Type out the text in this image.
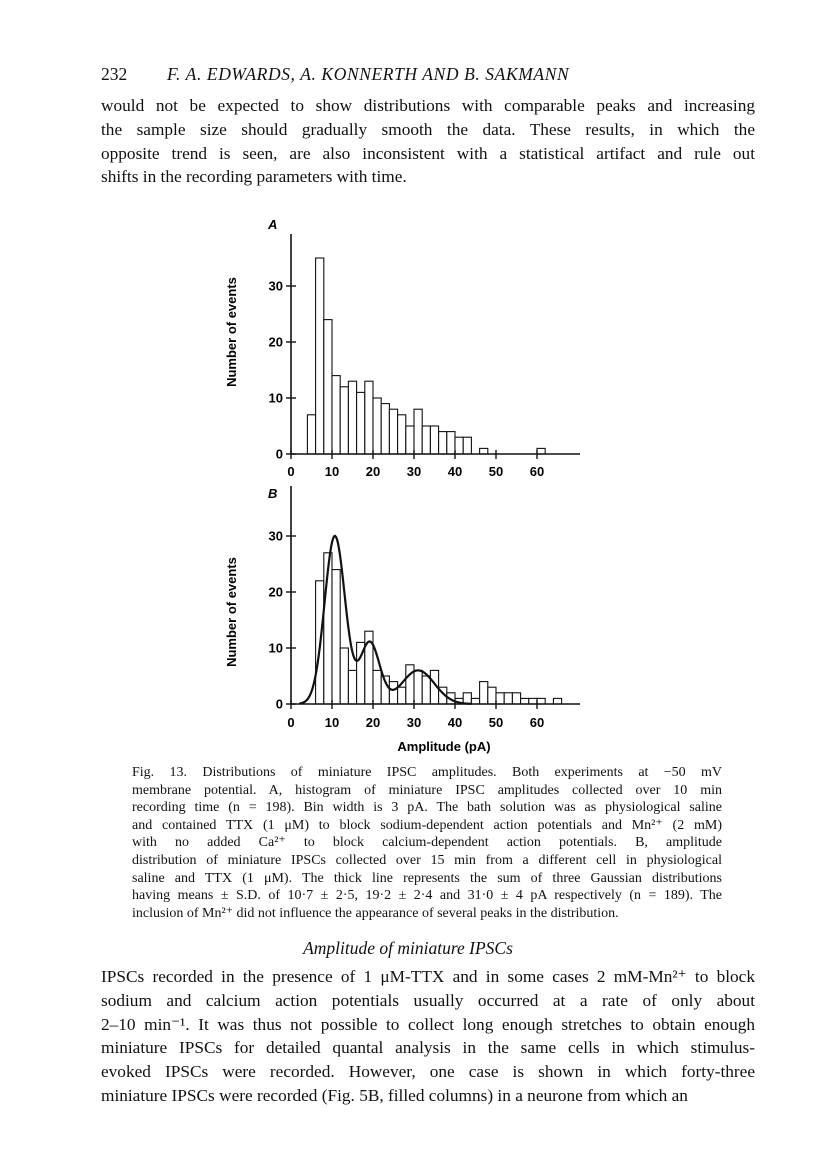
232 F. A. EDWARDS, A. KONNERTH AND B. SAKMANN
would not be expected to show distributions with comparable peaks and increasing
the sample size should gradually smooth the data. These results, in which the
opposite trend is seen, are also inconsistent with a statistical artifact and rule out
shifts in the recording parameters with time.
A
Number of events
0 10 20 30 40 50 60
0
10
20
30
B
Number of events
0 10 20 30 40 50 60
0
10
20
30
Amplitude (pA)
Fig. 13. Distributions of miniature IPSC amplitudes. Both experiments at −50 mV
membrane potential. A, histogram of miniature IPSC amplitudes collected over 10 min
recording time (n = 198). Bin width is 3 pA. The bath solution was as physiological saline
and contained TTX (1 μM) to block sodium-dependent action potentials and Mn²⁺ (2 mM)
with no added Ca²⁺ to block calcium-dependent action potentials. B, amplitude
distribution of miniature IPSCs collected over 15 min from a different cell in physiological
saline and TTX (1 μM). The thick line represents the sum of three Gaussian distributions
having means ± S.D. of 10·7 ± 2·5, 19·2 ± 2·4 and 31·0 ± 4 pA respectively (n = 189). The
inclusion of Mn²⁺ did not influence the appearance of several peaks in the distribution.
Amplitude of miniature IPSCs
IPSCs recorded in the presence of 1 μM-TTX and in some cases 2 mM-Mn²⁺ to block
sodium and calcium action potentials usually occurred at a rate of only about
2–10 min⁻¹. It was thus not possible to collect long enough stretches to obtain enough
miniature IPSCs for detailed quantal analysis in the same cells in which stimulus-
evoked IPSCs were recorded. However, one case is shown in which forty-three
miniature IPSCs were recorded (Fig. 5B, filled columns) in a neurone from which an
